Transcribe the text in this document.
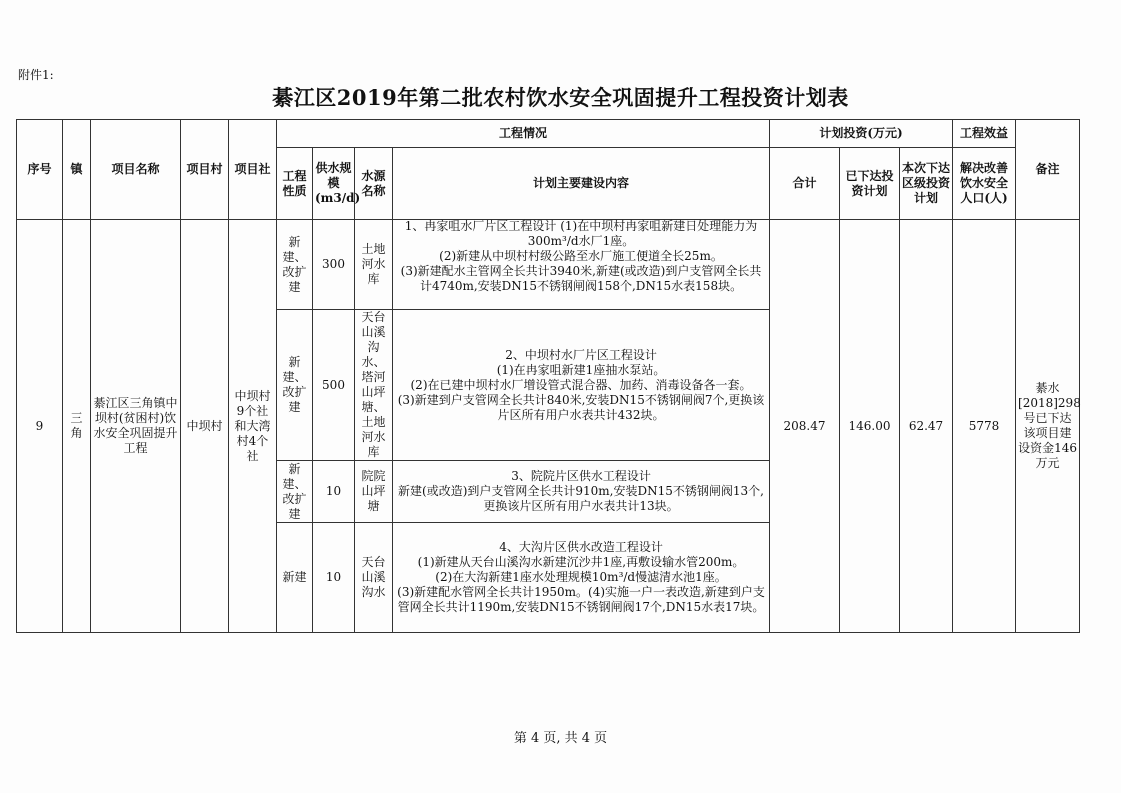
附件1:
綦江区2019年第二批农村饮水安全巩固提升工程投资计划表
序号	镇	项目名称	项目村	项目社	工程情况				计划投资(万元)			工程效益	备注
					工程性质	供水规模(m3/d)	水源名称	计划主要建设内容	合计	已下达投资计划	本次下达区级投资计划	解决改善饮水安全人口(人)	
9	三角	綦江区三角镇中坝村(贫困村)饮水安全巩固提升工程	中坝村	中坝村9个社和大湾村4个社	新建、改扩建	300	土地河水库	1、冉家咀水厂片区工程设计 (1)在中坝村冉家咀新建日处理能力为300m³/d水厂1座。
(2)新建从中坝村村级公路至水厂施工便道全长25m。
(3)新建配水主管网全长共计3940米,新建(或改造)到户支管网全长共计4740m,安装DN15不锈钢闸阀158个,DN15水表158块。	208.47	146.00	62.47	5778	綦水[2018]298号已下达该项目建设资金146万元
					新建、改扩建	500	天台山溪沟水、塔河山坪塘、土地河水库	2、中坝村水厂片区工程设计
(1)在冉家咀新建1座抽水泵站。
(2)在已建中坝村水厂增设管式混合器、加药、消毒设备各一套。
(3)新建到户支管网全长共计840米,安装DN15不锈钢闸阀7个,更换该片区所有用户水表共计432块。					

					新建、改扩建	10	院院山坪塘	3、院院片区供水工程设计
新建(或改造)到户支管网全长共计910m,安装DN15不锈钢闸阀13个,更换该片区所有用户水表共计13块。					

					新建	10	天台山溪沟水	4、大沟片区供水改造工程设计
(1)新建从天台山溪沟水新建沉沙井1座,再敷设输水管200m。
(2)在大沟新建1座水处理规模10m³/d慢滤清水池1座。
(3)新建配水管网全长共计1950m。(4)实施一户一表改造,新建到户支管网全长共计1190m,安装DN15不锈钢闸阀17个,DN15水表17块。					
第 4 页, 共 4 页
